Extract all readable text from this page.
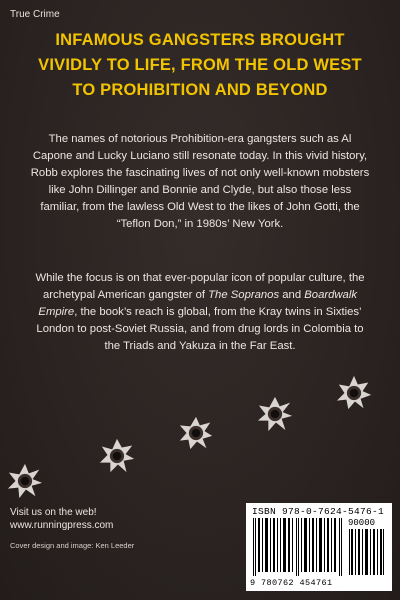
True Crime
INFAMOUS GANGSTERS BROUGHT
VIVIDLY TO LIFE, FROM THE OLD WEST
TO PROHIBITION AND BEYOND
The names of notorious Prohibition-era gangsters such as Al Capone and Lucky Luciano still resonate today. In this vivid history, Robb explores the fascinating lives of not only well-known mobsters like John Dillinger and Bonnie and Clyde, but also those less familiar, from the lawless Old West to the likes of John Gotti, the “Teflon Don,” in 1980s’ New York.
While the focus is on that ever-popular icon of popular culture, the archetypal American gangster of The Sopranos and Boardwalk Empire, the book’s reach is global, from the Kray twins in Sixties’ London to post-Soviet Russia, and from drug lords in Colombia to the Triads and Yakuza in the Far East.
Visit us on the web!
www.runningpress.com
Cover design and image: Ken Leeder
ISBN 978-0-7624-5476-1
90000
9 780762 454761
